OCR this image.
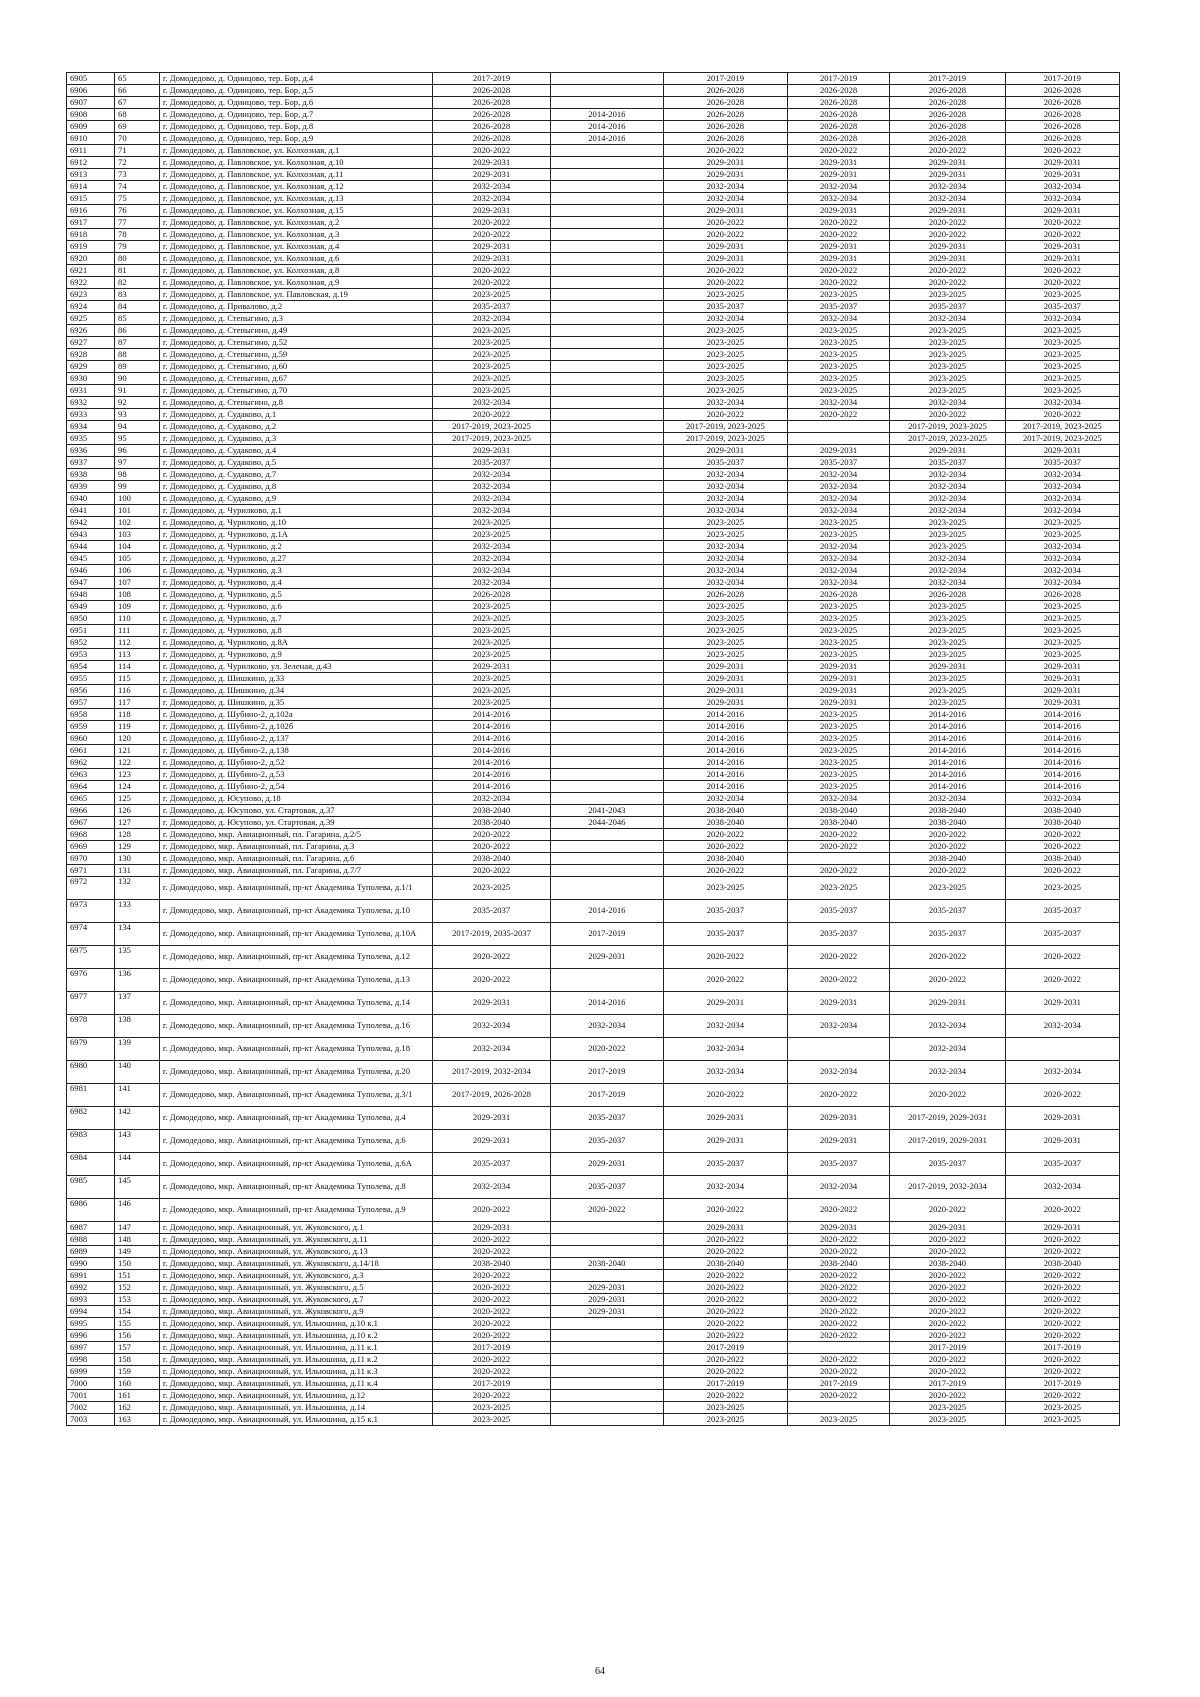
6905	65	г. Домодедово, д. Одинцово, тер. Бор, д.4	2017-2019		2017-2019	2017-2019	2017-2019	2017-2019
6906	66	г. Домодедово, д. Одинцово, тер. Бор, д.5	2026-2028		2026-2028	2026-2028	2026-2028	2026-2028
6907	67	г. Домодедово, д. Одинцово, тер. Бор, д.6	2026-2028		2026-2028	2026-2028	2026-2028	2026-2028
6908	68	г. Домодедово, д. Одинцово, тер. Бор, д.7	2026-2028	2014-2016	2026-2028	2026-2028	2026-2028	2026-2028
6909	69	г. Домодедово, д. Одинцово, тер. Бор, д.8	2026-2028	2014-2016	2026-2028	2026-2028	2026-2028	2026-2028
6910	70	г. Домодедово, д. Одинцово, тер. Бор, д.9	2026-2028	2014-2016	2026-2028	2026-2028	2026-2028	2026-2028
6911	71	г. Домодедово, д. Павловское, ул. Колхозная, д.1	2020-2022		2020-2022	2020-2022	2020-2022	2020-2022
6912	72	г. Домодедово, д. Павловское, ул. Колхозная, д.10	2029-2031		2029-2031	2029-2031	2029-2031	2029-2031
6913	73	г. Домодедово, д. Павловское, ул. Колхозная, д.11	2029-2031		2029-2031	2029-2031	2029-2031	2029-2031
6914	74	г. Домодедово, д. Павловское, ул. Колхозная, д.12	2032-2034		2032-2034	2032-2034	2032-2034	2032-2034
6915	75	г. Домодедово, д. Павловское, ул. Колхозная, д.13	2032-2034		2032-2034	2032-2034	2032-2034	2032-2034
6916	76	г. Домодедово, д. Павловское, ул. Колхозная, д.15	2029-2031		2029-2031	2029-2031	2029-2031	2029-2031
6917	77	г. Домодедово, д. Павловское, ул. Колхозная, д.2	2020-2022		2020-2022	2020-2022	2020-2022	2020-2022
6918	78	г. Домодедово, д. Павловское, ул. Колхозная, д.3	2020-2022		2020-2022	2020-2022	2020-2022	2020-2022
6919	79	г. Домодедово, д. Павловское, ул. Колхозная, д.4	2029-2031		2029-2031	2029-2031	2029-2031	2029-2031
6920	80	г. Домодедово, д. Павловское, ул. Колхозная, д.6	2029-2031		2029-2031	2029-2031	2029-2031	2029-2031
6921	81	г. Домодедово, д. Павловское, ул. Колхозная, д.8	2020-2022		2020-2022	2020-2022	2020-2022	2020-2022
6922	82	г. Домодедово, д. Павловское, ул. Колхозная, д.9	2020-2022		2020-2022	2020-2022	2020-2022	2020-2022
6923	83	г. Домодедово, д. Павловское, ул. Павловская, д.19	2023-2025		2023-2025	2023-2025	2023-2025	2023-2025
6924	84	г. Домодедово, д. Привалово, д.2	2035-2037		2035-2037	2035-2037	2035-2037	2035-2037
6925	85	г. Домодедово, д. Степыгино, д.3	2032-2034		2032-2034	2032-2034	2032-2034	2032-2034
6926	86	г. Домодедово, д. Степыгино, д.49	2023-2025		2023-2025	2023-2025	2023-2025	2023-2025
6927	87	г. Домодедово, д. Степыгино, д.52	2023-2025		2023-2025	2023-2025	2023-2025	2023-2025
6928	88	г. Домодедово, д. Степыгино, д.59	2023-2025		2023-2025	2023-2025	2023-2025	2023-2025
6929	89	г. Домодедово, д. Степыгино, д.60	2023-2025		2023-2025	2023-2025	2023-2025	2023-2025
6930	90	г. Домодедово, д. Степыгино, д.67	2023-2025		2023-2025	2023-2025	2023-2025	2023-2025
6931	91	г. Домодедово, д. Степыгино, д.70	2023-2025		2023-2025	2023-2025	2023-2025	2023-2025
6932	92	г. Домодедово, д. Степыгино, д.8	2032-2034		2032-2034	2032-2034	2032-2034	2032-2034
6933	93	г. Домодедово, д. Судаково, д.1	2020-2022		2020-2022	2020-2022	2020-2022	2020-2022
6934	94	г. Домодедово, д. Судаково, д.2	2017-2019, 2023-2025		2017-2019, 2023-2025		2017-2019, 2023-2025	2017-2019, 2023-2025
6935	95	г. Домодедово, д. Судаково, д.3	2017-2019, 2023-2025		2017-2019, 2023-2025		2017-2019, 2023-2025	2017-2019, 2023-2025
6936	96	г. Домодедово, д. Судаково, д.4	2029-2031		2029-2031	2029-2031	2029-2031	2029-2031
6937	97	г. Домодедово, д. Судаково, д.5	2035-2037		2035-2037	2035-2037	2035-2037	2035-2037
6938	98	г. Домодедово, д. Судаково, д.7	2032-2034		2032-2034	2032-2034	2032-2034	2032-2034
6939	99	г. Домодедово, д. Судаково, д.8	2032-2034		2032-2034	2032-2034	2032-2034	2032-2034
6940	100	г. Домодедово, д. Судаково, д.9	2032-2034		2032-2034	2032-2034	2032-2034	2032-2034
6941	101	г. Домодедово, д. Чурилково, д.1	2032-2034		2032-2034	2032-2034	2032-2034	2032-2034
6942	102	г. Домодедово, д. Чурилково, д.10	2023-2025		2023-2025	2023-2025	2023-2025	2023-2025
6943	103	г. Домодедово, д. Чурилково, д.1А	2023-2025		2023-2025	2023-2025	2023-2025	2023-2025
6944	104	г. Домодедово, д. Чурилково, д.2	2032-2034		2032-2034	2032-2034	2023-2025	2032-2034
6945	105	г. Домодедово, д. Чурилково, д.27	2032-2034		2032-2034	2032-2034	2032-2034	2032-2034
6946	106	г. Домодедово, д. Чурилково, д.3	2032-2034		2032-2034	2032-2034	2032-2034	2032-2034
6947	107	г. Домодедово, д. Чурилково, д.4	2032-2034		2032-2034	2032-2034	2032-2034	2032-2034
6948	108	г. Домодедово, д. Чурилково, д.5	2026-2028		2026-2028	2026-2028	2026-2028	2026-2028
6949	109	г. Домодедово, д. Чурилково, д.6	2023-2025		2023-2025	2023-2025	2023-2025	2023-2025
6950	110	г. Домодедово, д. Чурилково, д.7	2023-2025		2023-2025	2023-2025	2023-2025	2023-2025
6951	111	г. Домодедово, д. Чурилково, д.8	2023-2025		2023-2025	2023-2025	2023-2025	2023-2025
6952	112	г. Домодедово, д. Чурилково, д.8А	2023-2025		2023-2025	2023-2025	2023-2025	2023-2025
6953	113	г. Домодедово, д. Чурилково, д.9	2023-2025		2023-2025	2023-2025	2023-2025	2023-2025
6954	114	г. Домодедово, д. Чурилково, ул. Зеленая, д.43	2029-2031		2029-2031	2029-2031	2029-2031	2029-2031
6955	115	г. Домодедово, д. Шишкино, д.33	2023-2025		2029-2031	2029-2031	2023-2025	2029-2031
6956	116	г. Домодедово, д. Шишкино, д.34	2023-2025		2029-2031	2029-2031	2023-2025	2029-2031
6957	117	г. Домодедово, д. Шишкино, д.35	2023-2025		2029-2031	2029-2031	2023-2025	2029-2031
6958	118	г. Домодедово, д. Шубино-2, д.102а	2014-2016		2014-2016	2023-2025	2014-2016	2014-2016
6959	119	г. Домодедово, д. Шубино-2, д.102б	2014-2016		2014-2016	2023-2025	2014-2016	2014-2016
6960	120	г. Домодедово, д. Шубино-2, д.137	2014-2016		2014-2016	2023-2025	2014-2016	2014-2016
6961	121	г. Домодедово, д. Шубино-2, д.138	2014-2016		2014-2016	2023-2025	2014-2016	2014-2016
6962	122	г. Домодедово, д. Шубино-2, д.52	2014-2016		2014-2016	2023-2025	2014-2016	2014-2016
6963	123	г. Домодедово, д. Шубино-2, д.53	2014-2016		2014-2016	2023-2025	2014-2016	2014-2016
6964	124	г. Домодедово, д. Шубино-2, д.54	2014-2016		2014-2016	2023-2025	2014-2016	2014-2016
6965	125	г. Домодедово, д. Юсупово, д.18	2032-2034		2032-2034	2032-2034	2032-2034	2032-2034
6966	126	г. Домодедово, д. Юсупово, ул. Стартовая, д.37	2038-2040	2041-2043	2038-2040	2038-2040	2038-2040	2038-2040
6967	127	г. Домодедово, д. Юсупово, ул. Стартовая, д.39	2038-2040	2044-2046	2038-2040	2038-2040	2038-2040	2038-2040
6968	128	г. Домодедово, мкр. Авиационный, пл. Гагарина, д.2/5	2020-2022		2020-2022	2020-2022	2020-2022	2020-2022
6969	129	г. Домодедово, мкр. Авиационный, пл. Гагарина, д.3	2020-2022		2020-2022	2020-2022	2020-2022	2020-2022
6970	130	г. Домодедово, мкр. Авиационный, пл. Гагарина, д.6	2038-2040		2038-2040		2038-2040	2038-2040
6971	131	г. Домодедово, мкр. Авиационный, пл. Гагарина, д.7/7	2020-2022		2020-2022	2020-2022	2020-2022	2020-2022
6972	132	г. Домодедово, мкр. Авиационный, пр-кт Академика Туполева, д.1/1	2023-2025		2023-2025	2023-2025	2023-2025	2023-2025
6973	133	г. Домодедово, мкр. Авиационный, пр-кт Академика Туполева, д.10	2035-2037	2014-2016	2035-2037	2035-2037	2035-2037	2035-2037
6974	134	г. Домодедово, мкр. Авиационный, пр-кт Академика Туполева, д.10А	2017-2019, 2035-2037	2017-2019	2035-2037	2035-2037	2035-2037	2035-2037
6975	135	г. Домодедово, мкр. Авиационный, пр-кт Академика Туполева, д.12	2020-2022	2029-2031	2020-2022	2020-2022	2020-2022	2020-2022
6976	136	г. Домодедово, мкр. Авиационный, пр-кт Академика Туполева, д.13	2020-2022		2020-2022	2020-2022	2020-2022	2020-2022
6977	137	г. Домодедово, мкр. Авиационный, пр-кт Академика Туполева, д.14	2029-2031	2014-2016	2029-2031	2029-2031	2029-2031	2029-2031
6978	138	г. Домодедово, мкр. Авиационный, пр-кт Академика Туполева, д.16	2032-2034	2032-2034	2032-2034	2032-2034	2032-2034	2032-2034
6979	139	г. Домодедово, мкр. Авиационный, пр-кт Академика Туполева, д.18	2032-2034	2020-2022	2032-2034		2032-2034	
6980	140	г. Домодедово, мкр. Авиационный, пр-кт Академика Туполева, д.20	2017-2019, 2032-2034	2017-2019	2032-2034	2032-2034	2032-2034	2032-2034
6981	141	г. Домодедово, мкр. Авиационный, пр-кт Академика Туполева, д.3/1	2017-2019, 2026-2028	2017-2019	2020-2022	2020-2022	2020-2022	2020-2022
6982	142	г. Домодедово, мкр. Авиационный, пр-кт Академика Туполева, д.4	2029-2031	2035-2037	2029-2031	2029-2031	2017-2019, 2029-2031	2029-2031
6983	143	г. Домодедово, мкр. Авиационный, пр-кт Академика Туполева, д.6	2029-2031	2035-2037	2029-2031	2029-2031	2017-2019, 2029-2031	2029-2031
6984	144	г. Домодедово, мкр. Авиационный, пр-кт Академика Туполева, д.6А	2035-2037	2029-2031	2035-2037	2035-2037	2035-2037	2035-2037
6985	145	г. Домодедово, мкр. Авиационный, пр-кт Академика Туполева, д.8	2032-2034	2035-2037	2032-2034	2032-2034	2017-2019, 2032-2034	2032-2034
6986	146	г. Домодедово, мкр. Авиационный, пр-кт Академика Туполева, д.9	2020-2022	2020-2022	2020-2022	2020-2022	2020-2022	2020-2022
6987	147	г. Домодедово, мкр. Авиационный, ул. Жуковского, д.1	2029-2031		2029-2031	2029-2031	2029-2031	2029-2031
6988	148	г. Домодедово, мкр. Авиационный, ул. Жуковского, д.11	2020-2022		2020-2022	2020-2022	2020-2022	2020-2022
6989	149	г. Домодедово, мкр. Авиационный, ул. Жуковского, д.13	2020-2022		2020-2022	2020-2022	2020-2022	2020-2022
6990	150	г. Домодедово, мкр. Авиационный, ул. Жуковского, д.14/18	2038-2040	2038-2040	2038-2040	2038-2040	2038-2040	2038-2040
6991	151	г. Домодедово, мкр. Авиационный, ул. Жуковского, д.3	2020-2022		2020-2022	2020-2022	2020-2022	2020-2022
6992	152	г. Домодедово, мкр. Авиационный, ул. Жуковского, д.5	2020-2022	2029-2031	2020-2022	2020-2022	2020-2022	2020-2022
6993	153	г. Домодедово, мкр. Авиационный, ул. Жуковского, д.7	2020-2022	2029-2031	2020-2022	2020-2022	2020-2022	2020-2022
6994	154	г. Домодедово, мкр. Авиационный, ул. Жуковского, д.9	2020-2022	2029-2031	2020-2022	2020-2022	2020-2022	2020-2022
6995	155	г. Домодедово, мкр. Авиационный, ул. Ильюшина, д.10 к.1	2020-2022		2020-2022	2020-2022	2020-2022	2020-2022
6996	156	г. Домодедово, мкр. Авиационный, ул. Ильюшина, д.10 к.2	2020-2022		2020-2022	2020-2022	2020-2022	2020-2022
6997	157	г. Домодедово, мкр. Авиационный, ул. Ильюшина, д.11 к.1	2017-2019		2017-2019		2017-2019	2017-2019
6998	158	г. Домодедово, мкр. Авиационный, ул. Ильюшина, д.11 к.2	2020-2022		2020-2022	2020-2022	2020-2022	2020-2022
6999	159	г. Домодедово, мкр. Авиационный, ул. Ильюшина, д.11 к.3	2020-2022		2020-2022	2020-2022	2020-2022	2020-2022
7000	160	г. Домодедово, мкр. Авиационный, ул. Ильюшина, д.11 к.4	2017-2019		2017-2019	2017-2019	2017-2019	2017-2019
7001	161	г. Домодедово, мкр. Авиационный, ул. Ильюшина, д.12	2020-2022		2020-2022	2020-2022	2020-2022	2020-2022
7002	162	г. Домодедово, мкр. Авиационный, ул. Ильюшина, д.14	2023-2025		2023-2025		2023-2025	2023-2025
7003	163	г. Домодедово, мкр. Авиационный, ул. Ильюшина, д.15 к.1	2023-2025		2023-2025	2023-2025	2023-2025	2023-2025
64
